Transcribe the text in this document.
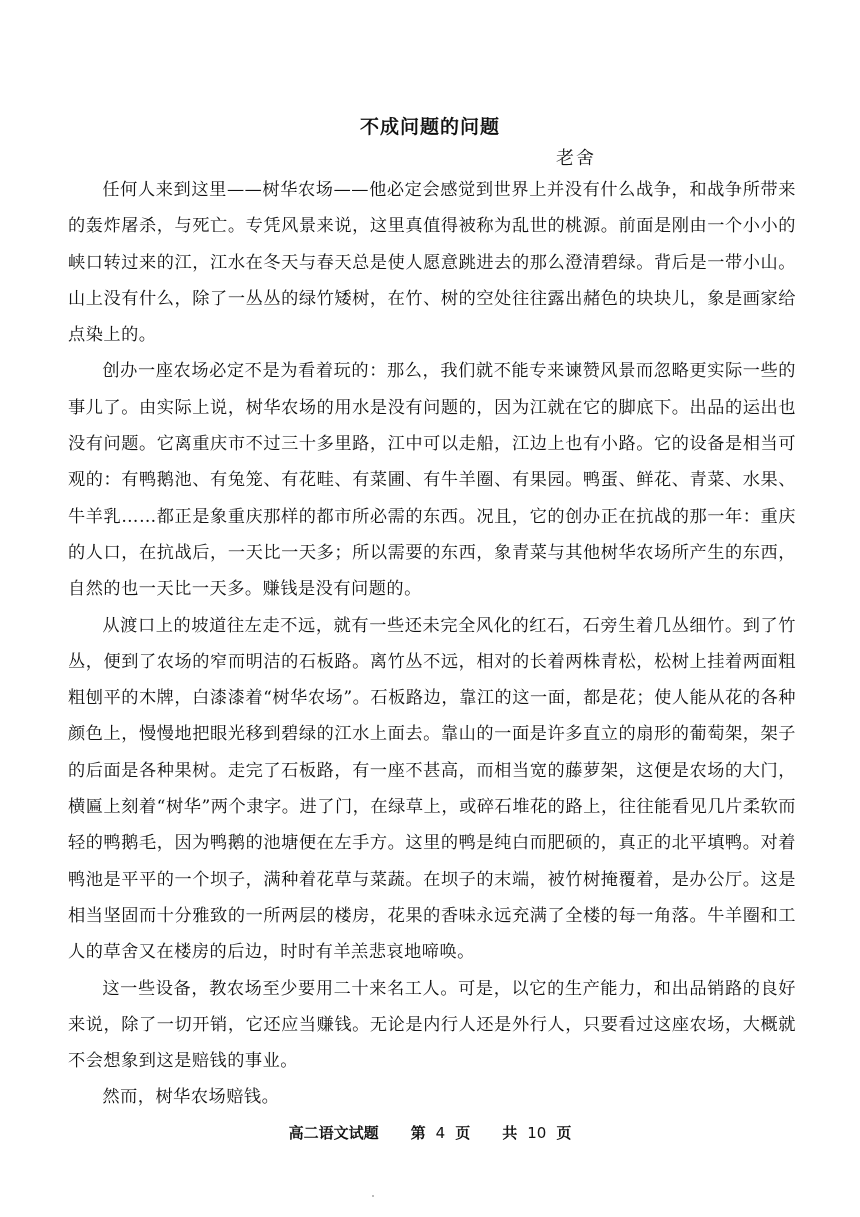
不成问题的问题
老舍

任何人来到这里——树华农场——他必定会感觉到世界上并没有什么战争，和战争所带来的轰炸屠杀，与死亡。专凭风景来说，这里真值得被称为乱世的桃源。前面是刚由一个小小的峡口转过来的江，江水在冬天与春天总是使人愿意跳进去的那么澄清碧绿。背后是一带小山。山上没有什么，除了一丛丛的绿竹矮树，在竹、树的空处往往露出赭色的块块儿，象是画家给点染上的。

创办一座农场必定不是为看着玩的：那么，我们就不能专来谏赞风景而忽略更实际一些的事儿了。由实际上说，树华农场的用水是没有问题的，因为江就在它的脚底下。出品的运出也没有问题。它离重庆市不过三十多里路，江中可以走船，江边上也有小路。它的设备是相当可观的：有鸭鹅池、有兔笼、有花畦、有菜圃、有牛羊圈、有果园。鸭蛋、鲜花、青菜、水果、牛羊乳……都正是象重庆那样的都市所必需的东西。况且，它的创办正在抗战的那一年：重庆的人口，在抗战后，一天比一天多；所以需要的东西，象青菜与其他树华农场所产生的东西，自然的也一天比一天多。赚钱是没有问题的。

从渡口上的坡道往左走不远，就有一些还未完全风化的红石，石旁生着几丛细竹。到了竹丛，便到了农场的窄而明洁的石板路。离竹丛不远，相对的长着两株青松，松树上挂着两面粗粗刨平的木牌，白漆漆着“树华农场”。石板路边，靠江的这一面，都是花；使人能从花的各种颜色上，慢慢地把眼光移到碧绿的江水上面去。靠山的一面是许多直立的扇形的葡萄架，架子的后面是各种果树。走完了石板路，有一座不甚高，而相当宽的藤萝架，这便是农场的大门，横匾上刻着“树华”两个隶字。进了门，在绿草上，或碎石堆花的路上，往往能看见几片柔软而轻的鸭鹅毛，因为鸭鹅的池塘便在左手方。这里的鸭是纯白而肥硕的，真正的北平填鸭。对着鸭池是平平的一个坝子，满种着花草与菜蔬。在坝子的末端，被竹树掩覆着，是办公厅。这是相当坚固而十分雅致的一所两层的楼房，花果的香味永远充满了全楼的每一角落。牛羊圈和工人的草舍又在楼房的后边，时时有羊羔悲哀地啼唤。

这一些设备，教农场至少要用二十来名工人。可是，以它的生产能力，和出品销路的良好来说，除了一切开销，它还应当赚钱。无论是内行人还是外行人，只要看过这座农场，大概就不会想象到这是赔钱的事业。

然而，树华农场赔钱。

高二语文试题 第 4 页 共 10 页
